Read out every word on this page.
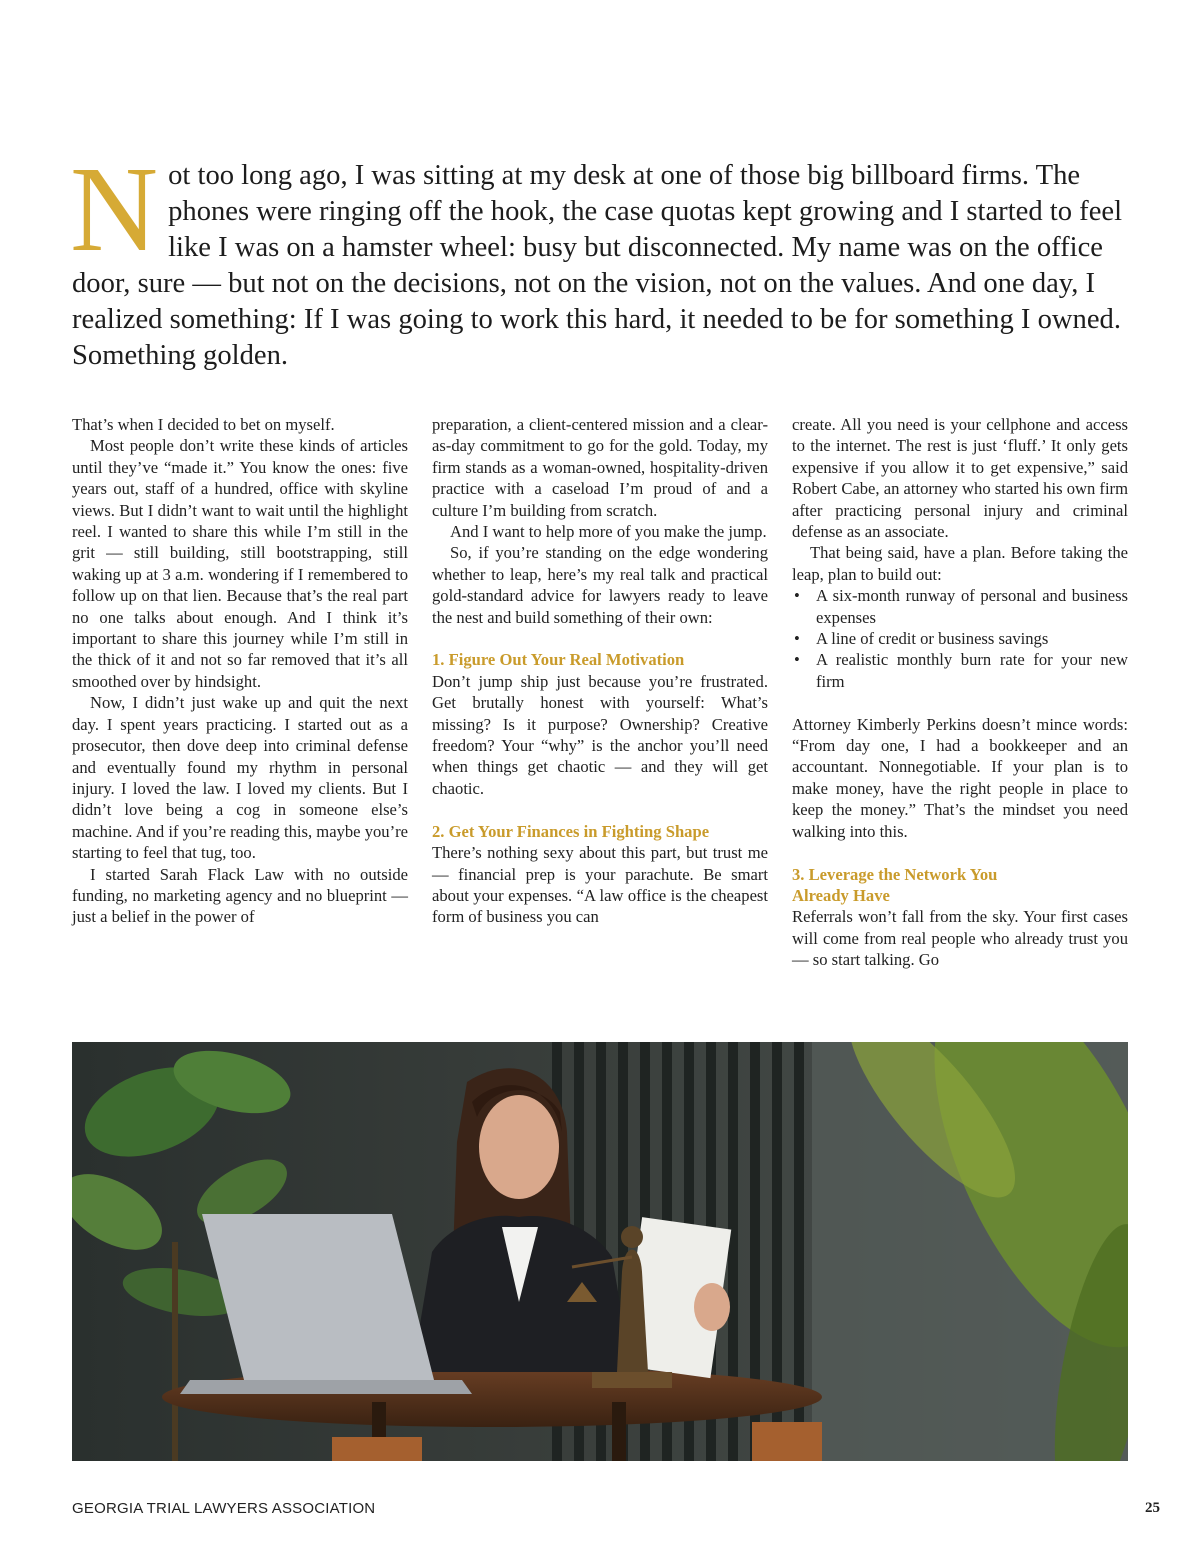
N ot too long ago, I was sitting at my desk at one of those big billboard firms. The phones were ringing off the hook, the case quotas kept growing and I started to feel like I was on a hamster wheel: busy but disconnected. My name was on the office door, sure — but not on the decisions, not on the vision, not on the values. And one day, I realized something: If I was going to work this hard, it needed to be for something I owned. Something golden.

That’s when I decided to bet on myself.

Most people don’t write these kinds of articles until they’ve “made it.” You know the ones: five years out, staff of a hundred, office with skyline views. But I didn’t want to wait until the highlight reel. I wanted to share this while I’m still in the grit — still building, still bootstrapping, still waking up at 3 a.m. wondering if I remembered to follow up on that lien. Because that’s the real part no one talks about enough. And I think it’s important to share this journey while I’m still in the thick of it and not so far removed that it’s all smoothed over by hindsight.

Now, I didn’t just wake up and quit the next day. I spent years practicing. I started out as a prosecutor, then dove deep into criminal defense and eventually found my rhythm in personal injury. I loved the law. I loved my clients. But I didn’t love being a cog in someone else’s machine. And if you’re reading this, maybe you’re starting to feel that tug, too.

I started Sarah Flack Law with no outside funding, no marketing agency and no blueprint — just a belief in the power of

preparation, a client-centered mission and a clear-as-day commitment to go for the gold. Today, my firm stands as a woman-owned, hospitality-driven practice with a caseload I’m proud of and a culture I’m building from scratch.

And I want to help more of you make the jump.

So, if you’re standing on the edge wondering whether to leap, here’s my real talk and practical gold-standard advice for lawyers ready to leave the nest and build something of their own:

1. Figure Out Your Real Motivation

Don’t jump ship just because you’re frustrated. Get brutally honest with yourself: What’s missing? Is it purpose? Ownership? Creative freedom? Your “why” is the anchor you’ll need when things get chaotic — and they will get chaotic.

2. Get Your Finances in Fighting Shape

There’s nothing sexy about this part, but trust me — financial prep is your parachute. Be smart about your expenses. “A law office is the cheapest form of business you can

create. All you need is your cellphone and access to the internet. The rest is just ‘fluff.’ It only gets expensive if you allow it to get expensive,” said Robert Cabe, an attorney who started his own firm after practicing personal injury and criminal defense as an associate.

That being said, have a plan. Before taking the leap, plan to build out:

• A six-month runway of personal and business expenses
• A line of credit or business savings
• A realistic monthly burn rate for your new firm

Attorney Kimberly Perkins doesn’t mince words: “From day one, I had a bookkeeper and an accountant. Nonnegotiable. If your plan is to make money, have the right people in place to keep the money.” That’s the mindset you need walking into this.

3. Leverage the Network You
Already Have

Referrals won’t fall from the sky. Your first cases will come from real people who already trust you — so start talking. Go

GEORGIA TRIAL LAWYERS ASSOCIATION	25
